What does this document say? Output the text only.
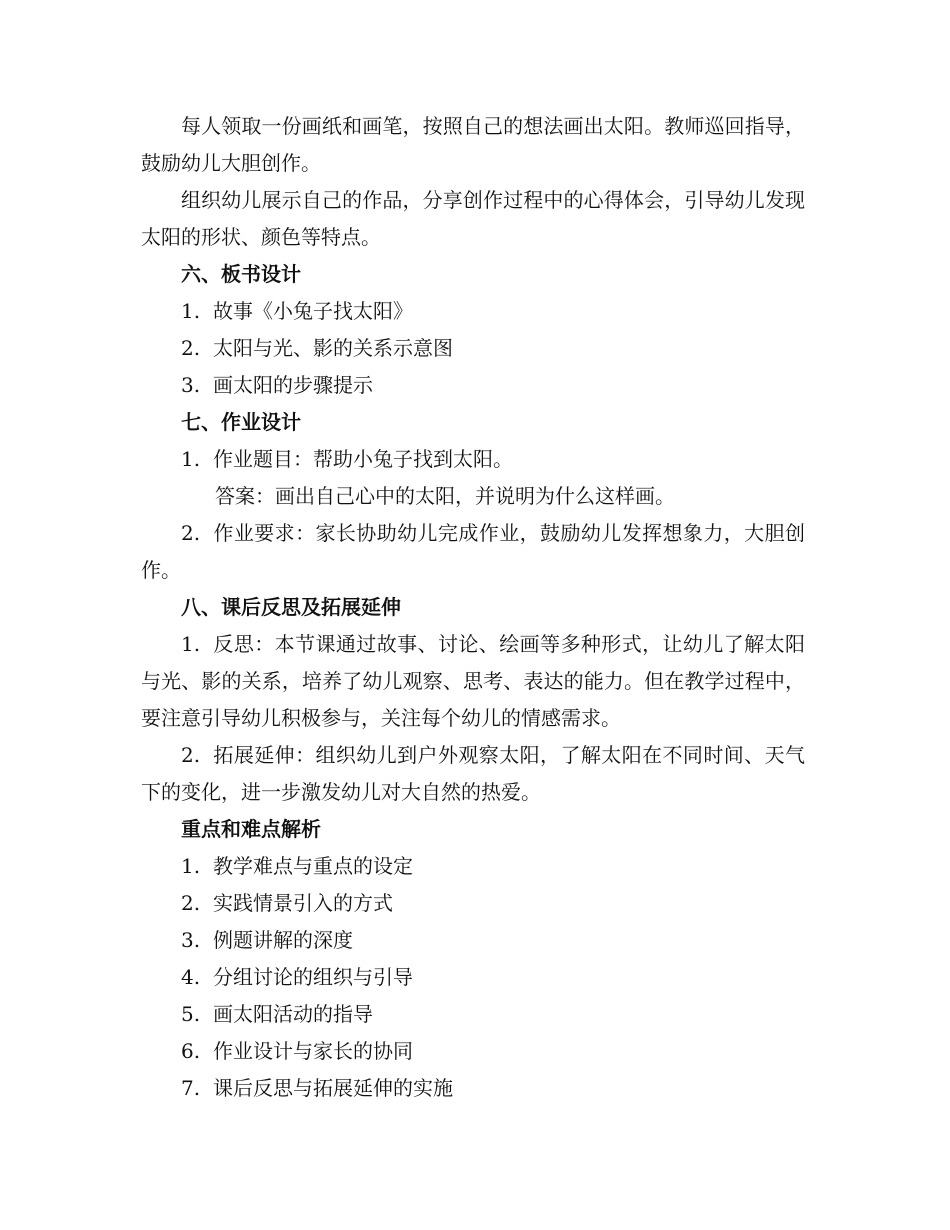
每人领取一份画纸和画笔，按照自己的想法画出太阳。教师巡回指导，鼓励幼儿大胆创作。

组织幼儿展示自己的作品，分享创作过程中的心得体会，引导幼儿发现太阳的形状、颜色等特点。

六、板书设计

1. 故事《小兔子找太阳》

2. 太阳与光、影的关系示意图

3. 画太阳的步骤提示

七、作业设计

1. 作业题目：帮助小兔子找到太阳。

答案：画出自己心中的太阳，并说明为什么这样画。

2. 作业要求：家长协助幼儿完成作业，鼓励幼儿发挥想象力，大胆创作。

八、课后反思及拓展延伸

1. 反思：本节课通过故事、讨论、绘画等多种形式，让幼儿了解太阳与光、影的关系，培养了幼儿观察、思考、表达的能力。但在教学过程中，要注意引导幼儿积极参与，关注每个幼儿的情感需求。

2. 拓展延伸：组织幼儿到户外观察太阳，了解太阳在不同时间、天气下的变化，进一步激发幼儿对大自然的热爱。

重点和难点解析

1. 教学难点与重点的设定

2. 实践情景引入的方式

3. 例题讲解的深度

4. 分组讨论的组织与引导

5. 画太阳活动的指导

6. 作业设计与家长的协同

7. 课后反思与拓展延伸的实施
